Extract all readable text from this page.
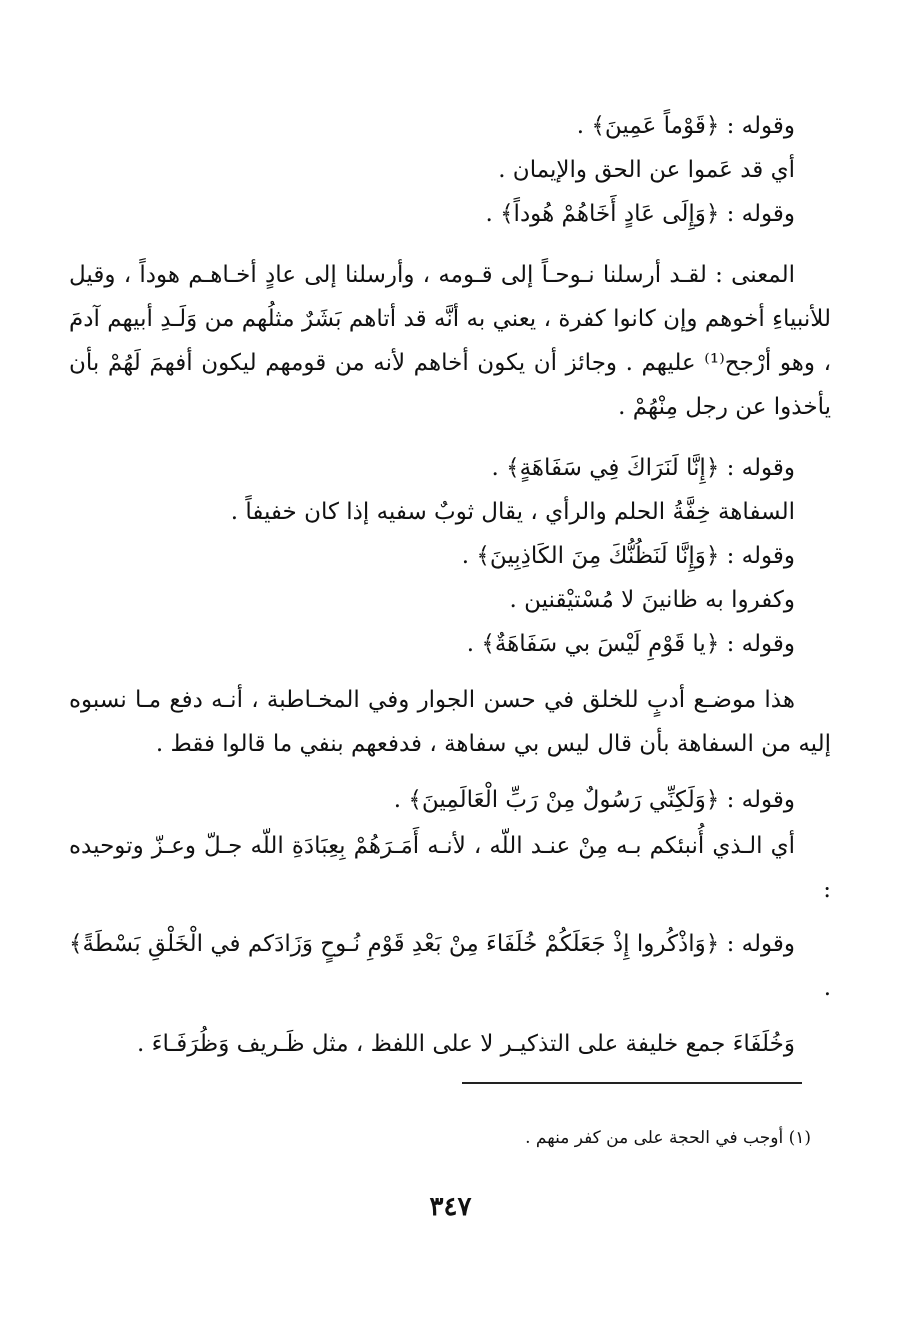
وقوله : ﴿قَوْماً عَمِينَ﴾ .
أي قد عَموا عن الحق والإيمان .
وقوله : ﴿وَإِلَى عَادٍ أَخَاهُمْ هُوداً﴾ .
المعنى : لقـد أرسلنا نـوحـاً إلى قـومه ، وأرسلنا إلى عادٍ أخـاهـم هوداً ، وقيل للأنبياءِ أخوهم وإن كانوا كفرة ، يعني به أنَّه قد أتاهم بَشَرٌ مثلُهم من وَلَـدِ أبيهم آدمَ ، وهو أرْجح⁽¹⁾ عليهم . وجائز أن يكون أخاهم لأنه من قومهم ليكون أفهمَ لَهُمْ بأن يأخذوا عن رجل مِنْهُمْ .
وقوله : ﴿إِنَّا لَنَرَاكَ فِي سَفَاهَةٍ﴾ .
السفاهة خِفَّةُ الحلم والرأي ، يقال ثوبٌ سفيه إذا كان خفيفاً .
وقوله : ﴿وَإِنَّا لَنَظُنُّكَ مِنَ الكَاذِبِينَ﴾ .
وكفروا به ظانينَ لا مُسْتيْقنين .
وقوله : ﴿يا قَوْمِ لَيْسَ بي سَفَاهَةٌ﴾ .
هذا موضـع أدبٍ للخلق في حسن الجوار وفي المخـاطبة ، أنـه دفع مـا نسبوه إليه من السفاهة بأن قال ليس بي سفاهة ، فدفعهم بنفي ما قالوا فقط .
وقوله : ﴿وَلَكِنِّي رَسُولٌ مِنْ رَبِّ الْعَالَمِينَ﴾ .
أي الـذي أُنبئكم بـه مِنْ عنـد اللّه ، لأنـه أَمَـرَهُمْ بِعِبَادَةِ اللّه جـلّ وعـزّ وتوحيده :
وقوله : ﴿وَاذْكُروا إِذْ جَعَلَكُمْ خُلَفَاءَ مِنْ بَعْدِ قَوْمِ نُـوحٍ وَزَادَكم في الْخَلْقِ بَسْطَةً﴾ .
وَخُلَفَاءَ جمع خليفة على التذكيـر لا على اللفظ ، مثل ظَـريف وَظُرَفَـاءَ .
(١) أوجب في الحجة على من كفر منهم .
٣٤٧
